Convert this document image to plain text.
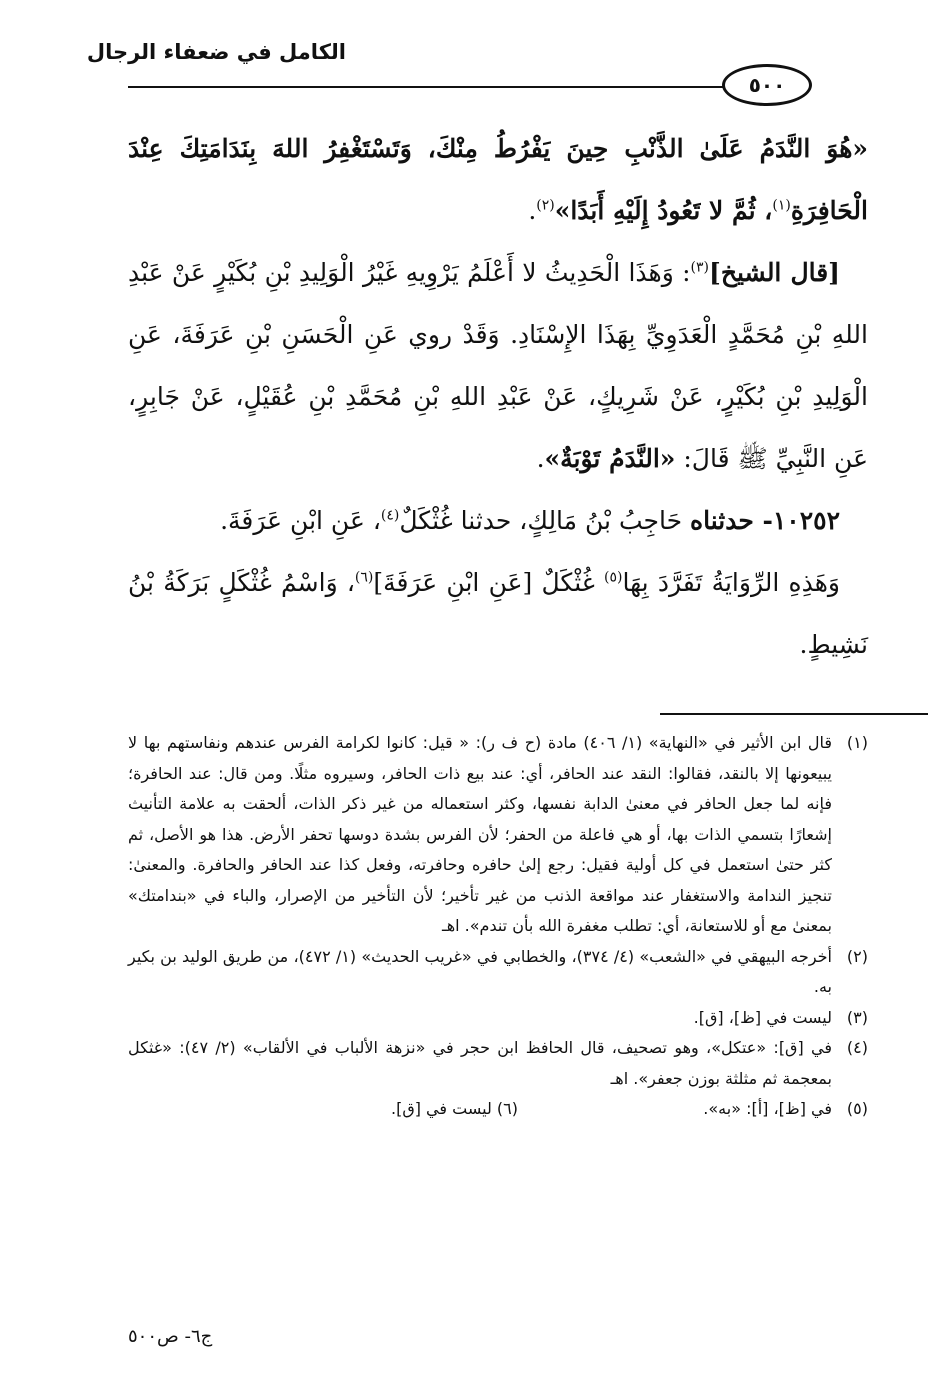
الكامل في ضعفاء الرجال
٥٠٠

«هُوَ النَّدَمُ عَلَىٰ الذَّنْبِ حِينَ يَفْرُطُ مِنْكَ، وَتَسْتَغْفِرُ اللهَ بِنَدَامَتِكَ عِنْدَ الْحَافِرَةِ$^{(١)}$، ثُمَّ لا تَعُودُ إِلَيْهِ أَبَدًا»$^{(٢)}$.

[قال الشيخ]$^{(٣)}$: وَهَذَا الْحَدِيثُ لا أَعْلَمُ يَرْوِيهِ غَيْرُ الْوَلِيدِ بْنِ بُكَيْرٍ عَنْ عَبْدِ اللهِ بْنِ مُحَمَّدٍ الْعَدَوِيِّ بِهَذَا الإِسْنَادِ. وَقَدْ روي عَنِ الْحَسَنِ بْنِ عَرَفَةَ، عَنِ الْوَلِيدِ بْنِ بُكَيْرٍ، عَنْ شَرِيكٍ، عَنْ عَبْدِ اللهِ بْنِ مُحَمَّدِ بْنِ عُقَيْلٍ، عَنْ جَابِرٍ، عَنِ النَّبِيِّ ﷺ قَالَ: «النَّدَمُ تَوْبَةٌ».

١٠٢٥٢- حدثناه حَاجِبُ بْنُ مَالِكٍ، حدثنا غُثْكَلٌ$^{(٤)}$، عَنِ ابْنِ عَرَفَةَ.

وَهَذِهِ الرِّوَايَةُ تَفَرَّدَ بِهَا$^{(٥)}$ غُثْكَلٌ [عَنِ ابْنِ عَرَفَةَ]$^{(٦)}$، وَاسْمُ غُثْكَلٍ بَرَكَةُ بْنُ نَشِيطٍ.

(١)
قال ابن الأثير في «النهاية» (١/ ٤٠٦) مادة (ح ف ر): « قيل: كانوا لكرامة الفرس عندهم ونفاستهم بها لا يبيعونها إلا بالنقد، فقالوا: النقد عند الحافر، أي: عند بيع ذات الحافر، وسيروه مثلًا. ومن قال: عند الحافرة؛ فإنه لما جعل الحافر في معنىٰ الدابة نفسها، وكثر استعماله من غير ذكر الذات، ألحقت به علامة التأنيث إشعارًا بتسمي الذات بها، أو هي فاعلة من الحفر؛ لأن الفرس بشدة دوسها تحفر الأرض. هذا هو الأصل، ثم كثر حتىٰ استعمل في كل أولية فقيل: رجع إلىٰ حافره وحافرته، وفعل كذا عند الحافر والحافرة. والمعنىٰ: تنجيز الندامة والاستغفار عند مواقعة الذنب من غير تأخير؛ لأن التأخير من الإصرار، والباء في «بندامتك» بمعنىٰ مع أو للاستعانة، أي: تطلب مغفرة الله بأن تندم». اهـ
(٢)
أخرجه البيهقي في «الشعب» (٤/ ٣٧٤)، والخطابي في «غريب الحديث» (١/ ٤٧٢)، من طريق الوليد بن بكير به.
(٣)
ليست في [ظ]، [ق].
(٤)
في [ق]: «عتكل»، وهو تصحيف، قال الحافظ ابن حجر في «نزهة الألباب في الألقاب» (٢/ ٤٧): «غثكل بمعجمة ثم مثلثة بوزن جعفر». اهـ
(٥)
في [ظ]، [أ]: «به».
(٦) ليست في [ق].
ج٦- ص٥٠٠
